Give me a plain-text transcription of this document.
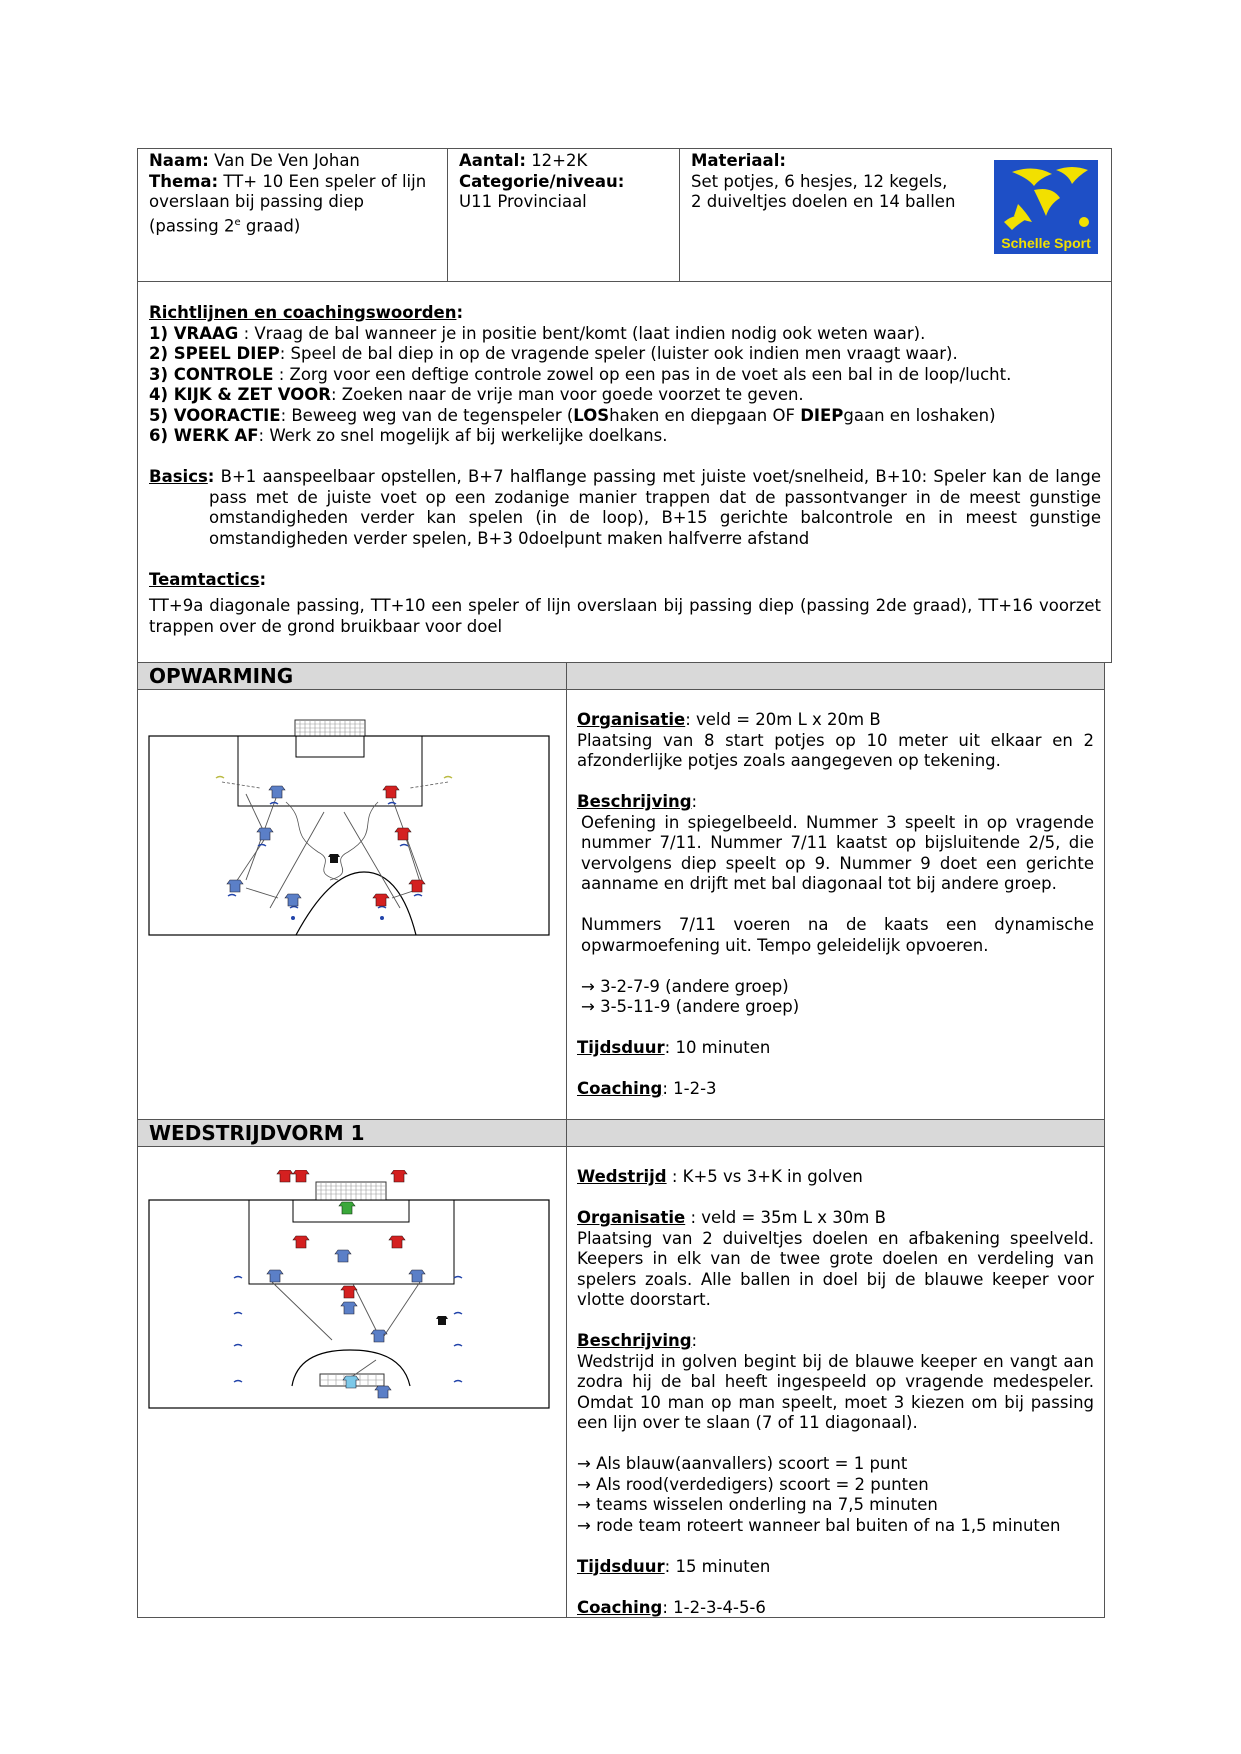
Naam: Van De Ven Johan
Thema: TT+ 10 Een speler of lijn overslaan bij passing diep (passing 2e graad)
Aantal: 12+2K
Categorie/niveau:
U11 Provinciaal
Materiaal:
Set potjes, 6 hesjes, 12 kegels,
2 duiveltjes doelen en 14 ballen
Schelle Sport
Richtlijnen en coachingswoorden:
1) VRAAG : Vraag de bal wanneer je in positie bent/komt (laat indien nodig ook weten waar).
2) SPEEL DIEP: Speel de bal diep in op de vragende speler (luister ook indien men vraagt waar).
3) CONTROLE : Zorg voor een deftige controle zowel op een pas in de voet als een bal in de loop/lucht.
4) KIJK & ZET VOOR: Zoeken naar de vrije man voor goede voorzet te geven.
5) VOORACTIE: Beweeg weg van de tegenspeler (LOShaken en diepgaan OF DIEPgaan en loshaken)
6) WERK AF: Werk zo snel mogelijk af bij werkelijke doelkans.
Basics: B+1 aanspeelbaar opstellen, B+7 halflange passing met juiste voet/snelheid, B+10: Speler kan de lange pass met de juiste voet op een zodanige manier trappen dat de passontvanger in de meest gunstige omstandigheden verder kan spelen (in de loop), B+15 gerichte balcontrole en in meest gunstige omstandigheden verder spelen, B+3 0doelpunt maken halfverre afstand
Teamtactics:
TT+9a diagonale passing, TT+10 een speler of lijn overslaan bij passing diep (passing 2de graad), TT+16 voorzet trappen over de grond bruikbaar voor doel
OPWARMING
Organisatie: veld = 20m L x 20m B
Plaatsing van 8 start potjes op 10 meter uit elkaar en 2 afzonderlijke potjes zoals aangegeven op tekening.
Beschrijving:
Oefening in spiegelbeeld. Nummer 3 speelt in op vragende nummer 7/11. Nummer 7/11 kaatst op bijsluitende 2/5, die vervolgens diep speelt op 9. Nummer 9 doet een gerichte aanname en drijft met bal diagonaal tot bij andere groep.
Nummers 7/11 voeren na de kaats een dynamische opwarmoefening uit. Tempo geleidelijk opvoeren.
→ 3-2-7-9 (andere groep)
→ 3-5-11-9 (andere groep)
Tijdsduur: 10 minuten
Coaching: 1-2-3
WEDSTRIJDVORM 1
Wedstrijd : K+5 vs 3+K in golven
Organisatie : veld = 35m L x 30m B
Plaatsing van 2 duiveltjes doelen en afbakening speelveld. Keepers in elk van de twee grote doelen en verdeling van spelers zoals. Alle ballen in doel bij de blauwe keeper voor vlotte doorstart.
Beschrijving:
Wedstrijd in golven begint bij de blauwe keeper en vangt aan zodra hij de bal heeft ingespeeld op vragende medespeler. Omdat 10 man op man speelt, moet 3 kiezen om bij passing een lijn over te slaan (7 of 11 diagonaal).
→ Als blauw(aanvallers) scoort = 1 punt
→ Als rood(verdedigers) scoort = 2 punten
→ teams wisselen onderling na 7,5 minuten
→ rode team roteert wanneer bal buiten of na 1,5 minuten
Tijdsduur: 15 minuten
Coaching: 1-2-3-4-5-6
